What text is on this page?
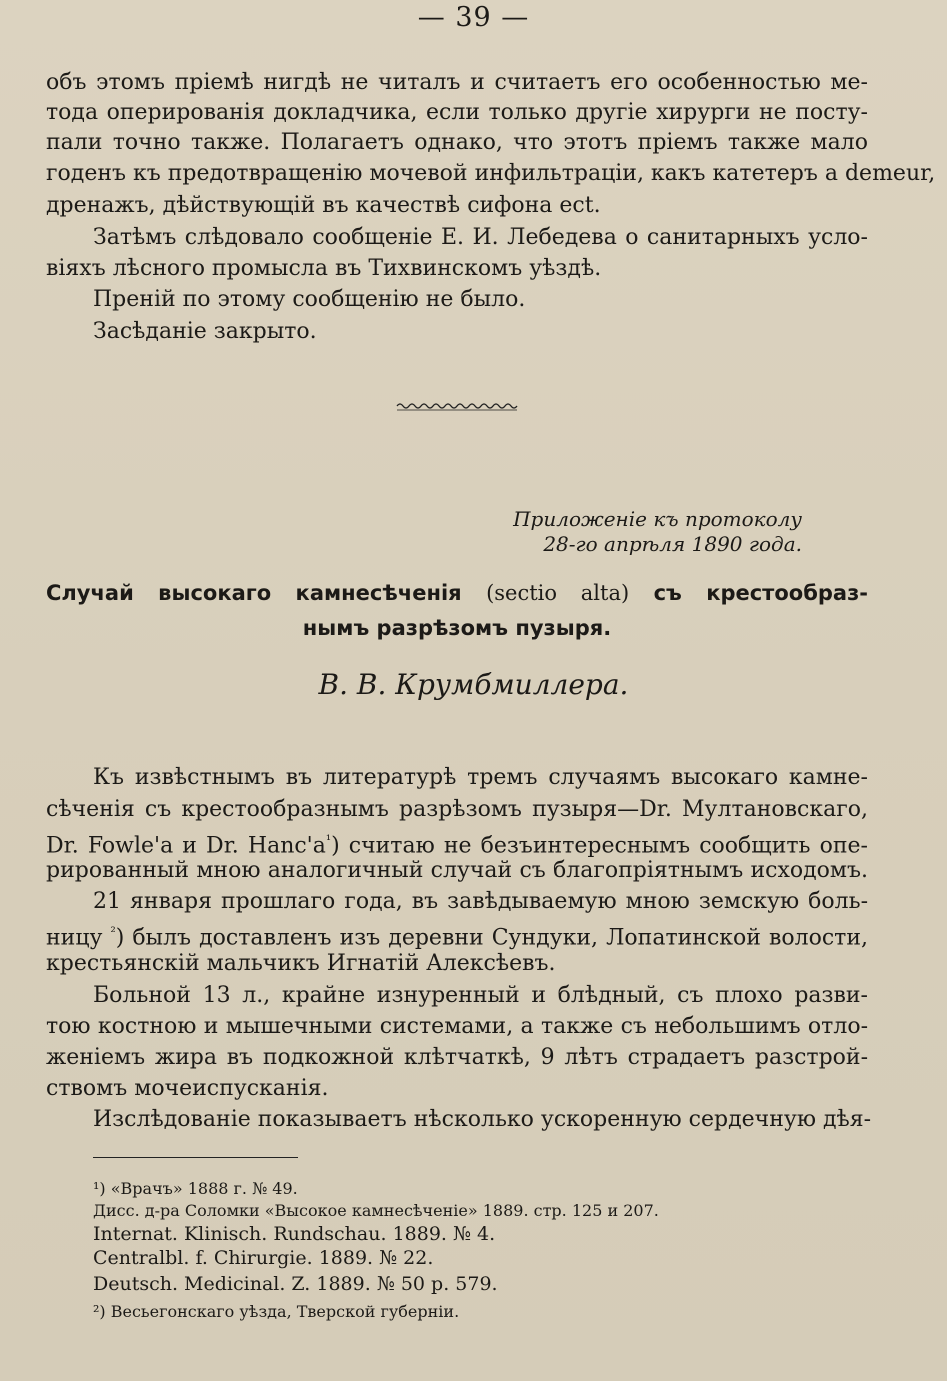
— 39 —
объ этомъ пріемѣ нигдѣ не читалъ и считаетъ его особенностью ме-
тода оперированія докладчика, если только другіе хирурги не посту-
пали точно также. Полагаетъ однако, что этотъ пріемъ также мало
годенъ къ предотвращенію мочевой инфильтраціи, какъ катетеръ a demeur,
дренажъ, дѣйствующій въ качествѣ сифона есt.
Затѣмъ слѣдовало сообщеніе Е. И. Лебедева о санитарныхъ усло-
віяхъ лѣсного промысла въ Тихвинскомъ уѣздѣ.
Преній по этому сообщенію не было.
Засѣданіе закрыто.
Приложеніе къ протоколу
28-го апрѣля 1890 года.
Случай высокаго камнесѣченія (sectio alta) съ крестообраз-
нымъ разрѣзомъ пузыря.
В. В. Крумбмиллера.
Къ извѣстнымъ въ литературѣ тремъ случаямъ высокаго камне-
сѣченія съ крестообразнымъ разрѣзомъ пузыря—Dr. Мултановскаго,
Dr. Fowle'a и Dr. $Hanc'a^{^1}$) считаю не безъинтереснымъ сообщить опе-
рированный мною аналогичный случай съ благопріятнымъ исходомъ.
21 января прошлаго года, въ завѣдываемую мною земскую боль-
ницу $^{^2}$) былъ доставленъ изъ деревни Сундуки, Лопатинской волости,
крестьянскій мальчикъ Игнатій Алексѣевъ.
Больной 13 л., крайне изнуренный и блѣдный, съ плохо разви-
тою костною и мышечными системами, а также съ небольшимъ отло-
женіемъ жира въ подкожной клѣтчаткѣ, 9 лѣтъ страдаетъ разстрой-
ствомъ мочеиспусканія.
Изслѣдованіе показываетъ нѣсколько ускоренную сердечную дѣя-
¹) «Врачъ» 1888 г. № 49.
Дисс. д-ра Соломки «Высокое камнесѣченіе» 1889. стр. 125 и 207.
Internat. Klinisch. Rundschau. 1889. № 4.
Centralbl. f. Chirurgie. 1889. № 22.
Deutsch. Medicinal. Z. 1889. № 50 p. 579.
²) Весьегонскаго уѣзда, Тверской губерніи.
